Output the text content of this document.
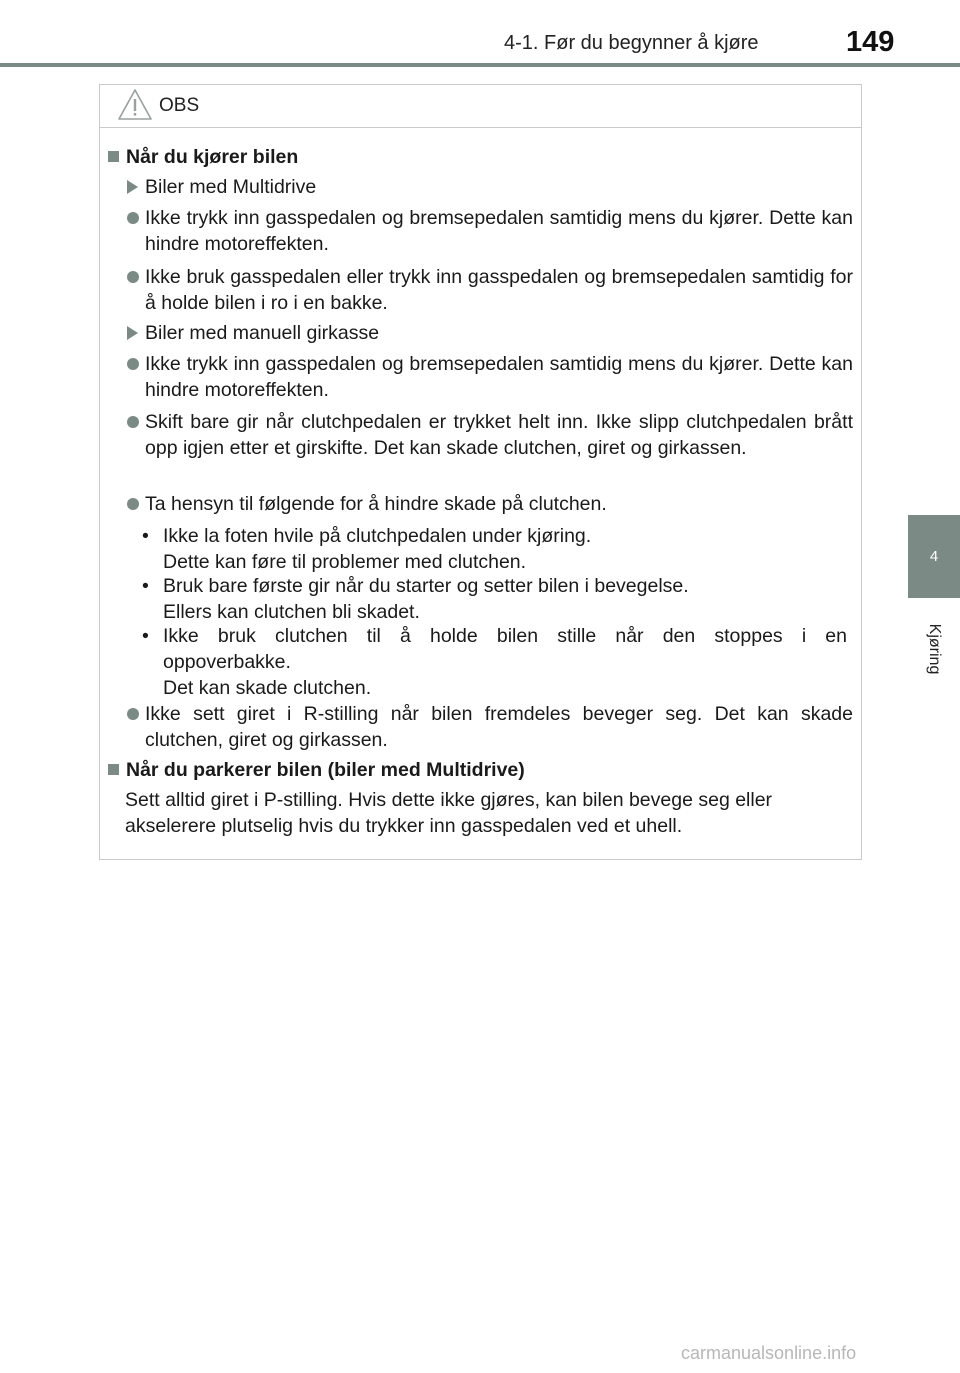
4-1. Før du begynner å kjøre	149
4
Kjøring
OBS
Når du kjører bilen
Biler med Multidrive
Ikke trykk inn gasspedalen og bremsepedalen samtidig mens du kjører. Dette kan hindre motoreffekten.
Ikke bruk gasspedalen eller trykk inn gasspedalen og bremsepedalen samtidig for å holde bilen i ro i en bakke.
Biler med manuell girkasse
Ikke trykk inn gasspedalen og bremsepedalen samtidig mens du kjører. Dette kan hindre motoreffekten.
Skift bare gir når clutchpedalen er trykket helt inn. Ikke slipp clutchpedalen brått opp igjen etter et girskifte. Det kan skade clutchen, giret og girkassen.
Ta hensyn til følgende for å hindre skade på clutchen.
• Ikke la foten hvile på clutchpedalen under kjøring.
Dette kan føre til problemer med clutchen.
• Bruk bare første gir når du starter og setter bilen i bevegelse.
Ellers kan clutchen bli skadet.
• Ikke bruk clutchen til å holde bilen stille når den stoppes i en
oppoverbakke.
Det kan skade clutchen.
Ikke sett giret i R-stilling når bilen fremdeles beveger seg. Det kan skade clutchen, giret og girkassen.
Når du parkerer bilen (biler med Multidrive)
Sett alltid giret i P-stilling. Hvis dette ikke gjøres, kan bilen bevege seg eller akselerere plutselig hvis du trykker inn gasspedalen ved et uhell.
carmanualsonline.info
